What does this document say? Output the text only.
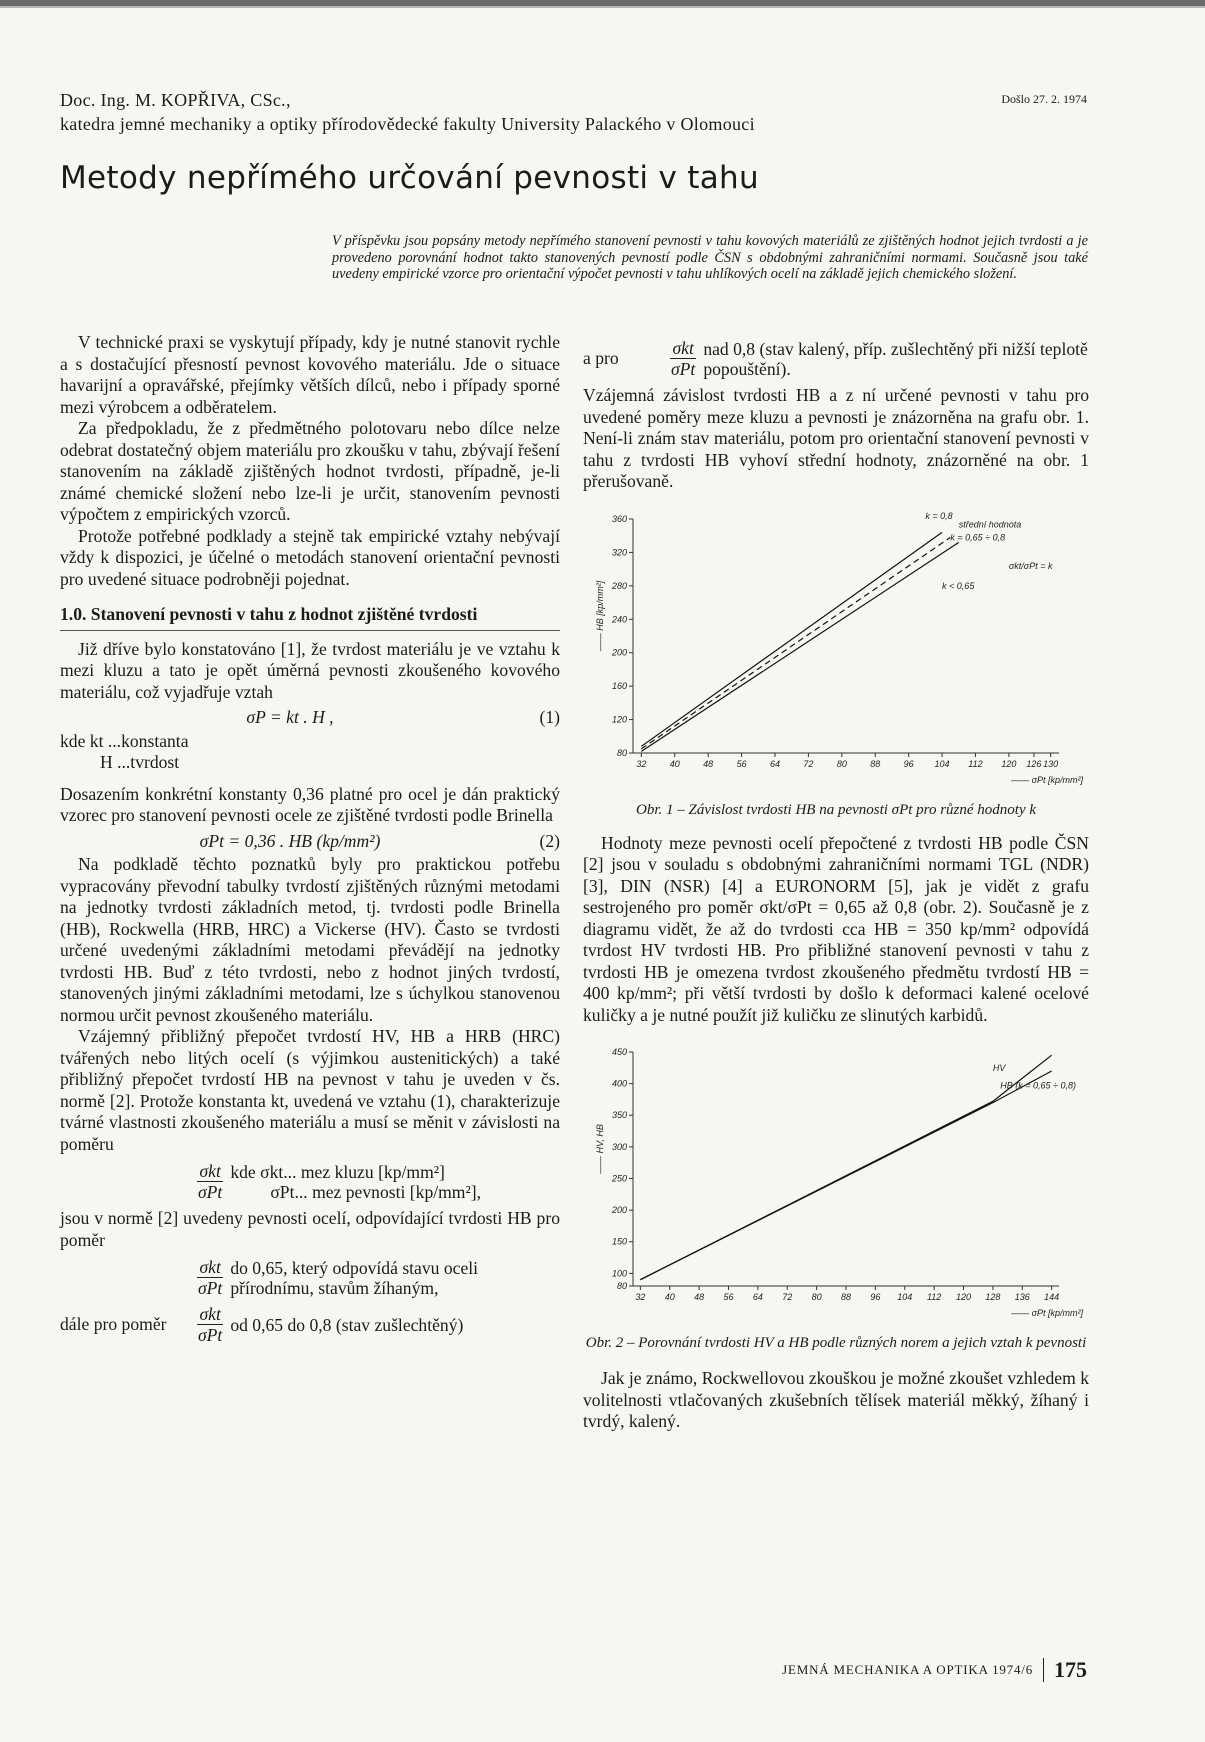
Doc. Ing. M. KOPŘIVA, CSc.,
katedra jemné mechaniky a optiky přírodovědecké fakulty University Palackého v Olomouci
Došlo 27. 2. 1974
Metody nepřímého určování pevnosti v tahu
V příspěvku jsou popsány metody nepřímého stanovení pevnosti v tahu kovových materiálů ze zjištěných hodnot jejich tvrdosti a je provedeno porovnání hodnot takto stanovených pevností podle ČSN s obdobnými zahraničními normami. Současně jsou také uvedeny empirické vzorce pro orientační výpočet pevnosti v tahu uhlíkových ocelí na základě jejich chemického složení.

V technické praxi se vyskytují případy, kdy je nutné stanovit rychle a s dostačující přesností pevnost kovového materiálu. Jde o situace havarijní a opravářské, přejímky větších dílců, nebo i případy sporné mezi výrobcem a odběratelem.

Za předpokladu, že z předmětného polotovaru nebo dílce nelze odebrat dostatečný objem materiálu pro zkoušku v tahu, zbývají řešení stanovením na základě zjištěných hodnot tvrdosti, případně, je-li známé chemické složení nebo lze-li je určit, stanovením pevnosti výpočtem z empirických vzorců.

Protože potřebné podklady a stejně tak empirické vztahy nebývají vždy k dispozici, je účelné o metodách stanovení orientační pevnosti pro uvedené situace podrobněji pojednat.

1.0. Stanovení pevnosti v tahu z hodnot zjištěné tvrdosti

Již dříve bylo konstatováno [1], že tvrdost materiálu je ve vztahu k mezi kluzu a tato je opět úměrná pevnosti zkoušeného kovového materiálu, což vyjadřuje vztah

σP = kt . H ,	(1)
kde kt ...konstanta
H ...tvrdost

Dosazením konkrétní konstanty 0,36 platné pro ocel je dán praktický vzorec pro stanovení pevnosti ocele ze zjištěné tvrdosti podle Brinella

σPt = 0,36 . HB (kp/mm²)	(2)

Na podkladě těchto poznatků byly pro praktickou potřebu vypracovány převodní tabulky tvrdostí zjištěných různými metodami na jednotky tvrdosti základních metod, tj. tvrdosti podle Brinella (HB), Rockwella (HRB, HRC) a Vickerse (HV). Často se tvrdosti určené uvedenými základními metodami převádějí na jednotky tvrdosti HB. Buď z této tvrdosti, nebo z hodnot jiných tvrdostí, stanovených jinými základními metodami, lze s úchylkou stanovenou normou určit pevnost zkoušeného materiálu.

Vzájemný přibližný přepočet tvrdostí HV, HB a HRB (HRC) tvářených nebo litých ocelí (s výjimkou austenitických) a také přibližný přepočet tvrdostí HB na pevnost v tahu je uveden v čs. normě [2]. Protože konstanta kt, uvedená ve vztahu (1), charakterizuje tvárné vlastnosti zkoušeného materiálu a musí se měnit v závislosti na poměru

$\frac{\text{σkt}}{\text{σPt}}$ kde σkt... mez kluzu [kp/mm²]
σPt... mez pevnosti [kp/mm²],

jsou v normě [2] uvedeny pevnosti ocelí, odpovídající tvrdosti HB pro poměr

$\frac{\text{σkt}}{\text{σPt}}$ do 0,65, který odpovídá stavu oceli přírodnímu, stavům žíhaným,
dále pro poměr	$\frac{\text{σkt}}{\text{σPt}}$ od 0,65 do 0,8 (stav zušlechtěný)
a pro	$\frac{\text{σkt}}{\text{σPt}}$ nad 0,8 (stav kalený, příp. zušlechtěný při nižší teplotě popouštění).

Vzájemná závislost tvrdosti HB a z ní určené pevnosti v tahu pro uvedené poměry meze kluzu a pevnosti je znázorněna na grafu obr. 1. Není-li znám stav materiálu, potom pro orientační stanovení pevnosti v tahu z tvrdosti HB vyhoví střední hodnoty, znázorněné na obr. 1 přerušovaně.

80
120
160
200
240
280
320
360
32	40	48	56	64	72	80	88	96 104 112 120 126 130
—— σPt [kp/mm²]
—— HB [kp/mm²]
k = 0,8
střední hodnota
k = 0,65 ÷ 0,8
k < 0,65
σkt/σPt = k
Obr. 1 – Závislost tvrdosti HB na pevnosti σPt pro různé hodnoty k

Hodnoty meze pevnosti ocelí přepočtené z tvrdosti HB podle ČSN [2] jsou v souladu s obdobnými zahraničními normami TGL (NDR) [3], DIN (NSR) [4] a EURONORM [5], jak je vidět z grafu sestrojeného pro poměr σkt/σPt = 0,65 až 0,8 (obr. 2). Současně je z diagramu vidět, že až do tvrdosti cca HB = 350 kp/mm² odpovídá tvrdost HV tvrdosti HB. Pro přibližné stanovení pevnosti v tahu z tvrdosti HB je omezena tvrdost zkoušeného předmětu tvrdostí HB = 400 kp/mm²; při větší tvrdosti by došlo k deformaci kalené ocelové kuličky a je nutné použít již kuličku ze slinutých karbidů.

80
100
150
200
250
300
350
400
450
32 40 48 56 64 72 80 88 96 104 112 120 128 136 144
—— σPt [kp/mm²]
—— HV, HB
HV
HB (k = 0,65 ÷ 0,8)
Obr. 2 – Porovnání tvrdosti HV a HB podle různých norem a jejich vztah k pevnosti

Jak je známo, Rockwellovou zkouškou je možné zkoušet vzhledem k volitelnosti vtlačovaných zkušebních tělísek materiál měkký, žíhaný i tvrdý, kalený.

JEMNÁ MECHANIKA A OPTIKA 1974/6 175
